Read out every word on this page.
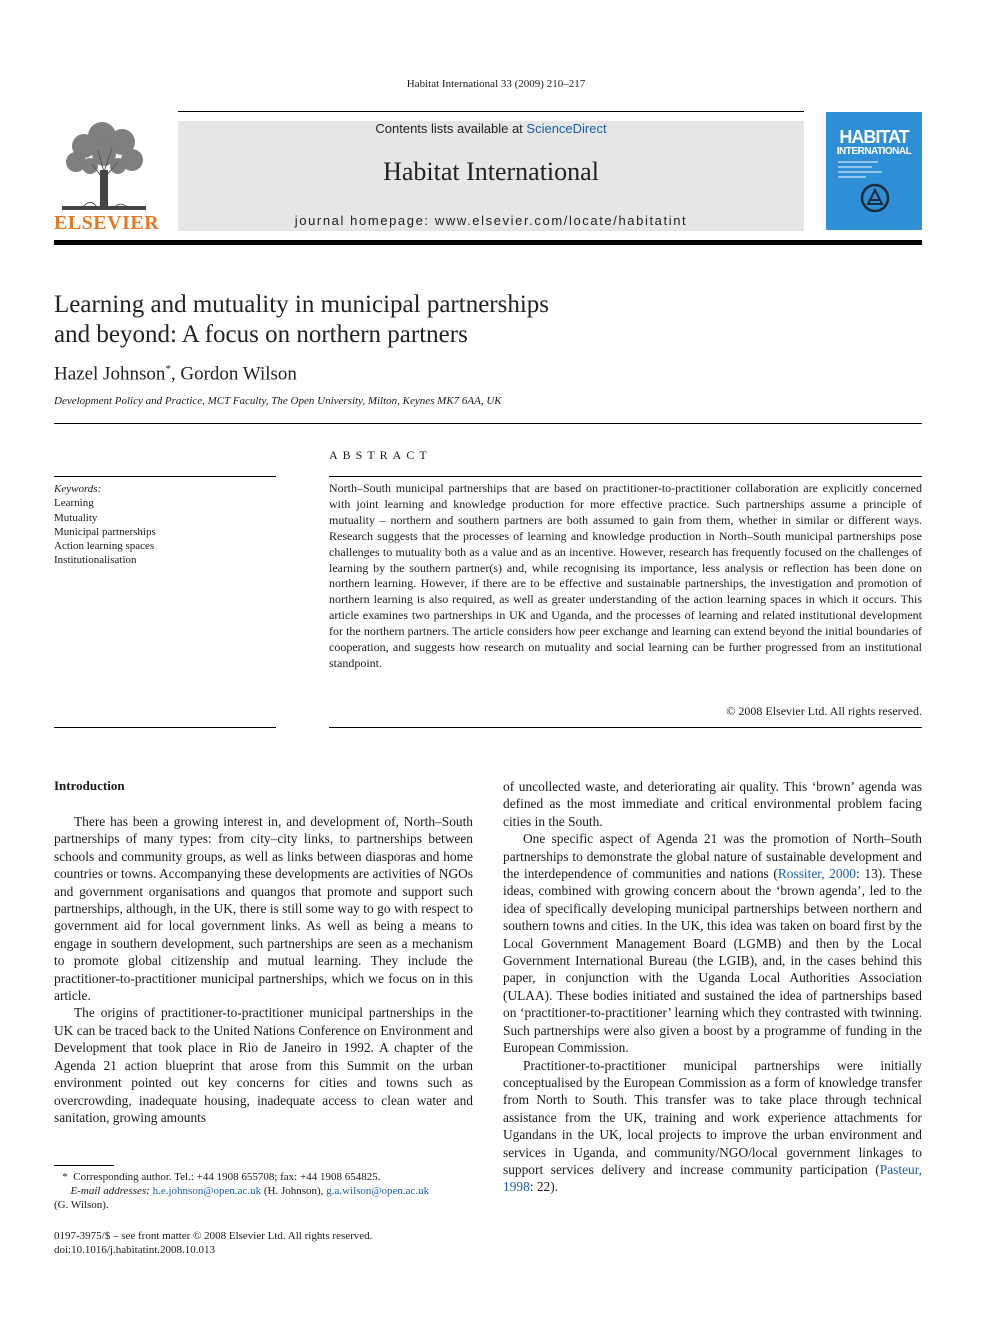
Habitat International 33 (2009) 210–217
ELSEVIER
Contents lists available at ScienceDirect
Habitat International
journal homepage: www.elsevier.com/locate/habitatint
HABITAT
INTERNATIONAL
Learning and mutuality in municipal partnerships
and beyond: A focus on northern partners
Hazel Johnson*, Gordon Wilson
Development Policy and Practice, MCT Faculty, The Open University, Milton, Keynes MK7 6AA, UK
ABSTRACT
Keywords:
Learning
Mutuality
Municipal partnerships
Action learning spaces
Institutionalisation
North–South municipal partnerships that are based on practitioner-to-practitioner collaboration are explicitly concerned with joint learning and knowledge production for more effective practice. Such partnerships assume a principle of mutuality – northern and southern partners are both assumed to gain from them, whether in similar or different ways. Research suggests that the processes of learning and knowledge production in North–South municipal partnerships pose challenges to mutuality both as a value and as an incentive. However, research has frequently focused on the challenges of learning by the southern partner(s) and, while recognising its importance, less analysis or reflection has been done on northern learning. However, if there are to be effective and sustainable partnerships, the investigation and promotion of northern learning is also required, as well as greater understanding of the action learning spaces in which it occurs. This article examines two partnerships in UK and Uganda, and the processes of learning and related institutional development for the northern partners. The article considers how peer exchange and learning can extend beyond the initial boundaries of cooperation, and suggests how research on mutuality and social learning can be further progressed from an institutional standpoint.
© 2008 Elsevier Ltd. All rights reserved.
Introduction

There has been a growing interest in, and development of, North–South partnerships of many types: from city–city links, to partnerships between schools and community groups, as well as links between diasporas and home countries or towns. Accompanying these developments are activities of NGOs and government organisations and quangos that promote and support such partnerships, although, in the UK, there is still some way to go with respect to government aid for local government links. As well as being a means to engage in southern development, such partnerships are seen as a mechanism to promote global citizenship and mutual learning. They include the practitioner-to-practitioner municipal partnerships, which we focus on in this article.

The origins of practitioner-to-practitioner municipal partnerships in the UK can be traced back to the United Nations Conference on Environment and Development that took place in Rio de Janeiro in 1992. A chapter of the Agenda 21 action blueprint that arose from this Summit on the urban environment pointed out key concerns for cities and towns such as overcrowding, inadequate housing, inadequate access to clean water and sanitation, growing amounts

of uncollected waste, and deteriorating air quality. This ‘brown’ agenda was defined as the most immediate and critical environmental problem facing cities in the South.

One specific aspect of Agenda 21 was the promotion of North–South partnerships to demonstrate the global nature of sustainable development and the interdependence of communities and nations (Rossiter, 2000: 13). These ideas, combined with growing concern about the ‘brown agenda’, led to the idea of specifically developing municipal partnerships between northern and southern towns and cities. In the UK, this idea was taken on board first by the Local Government Management Board (LGMB) and then by the Local Government International Bureau (the LGIB), and, in the cases behind this paper, in conjunction with the Uganda Local Authorities Association (ULAA). These bodies initiated and sustained the idea of partnerships based on ‘practitioner-to-practitioner’ learning which they contrasted with twinning. Such partnerships were also given a boost by a programme of funding in the European Commission.

Practitioner-to-practitioner municipal partnerships were initially conceptualised by the European Commission as a form of knowledge transfer from North to South. This transfer was to take place through technical assistance from the UK, training and work experience attachments for Ugandans in the UK, local projects to improve the urban environment and services in Uganda, and community/NGO/local government linkages to support services delivery and increase community participation (Pasteur, 1998: 22).

* Corresponding author. Tel.: +44 1908 655708; fax: +44 1908 654825.
E-mail addresses: h.e.johnson@open.ac.uk (H. Johnson), g.a.wilson@open.ac.uk
(G. Wilson).
0197-3975/$ – see front matter © 2008 Elsevier Ltd. All rights reserved.
doi:10.1016/j.habitatint.2008.10.013
